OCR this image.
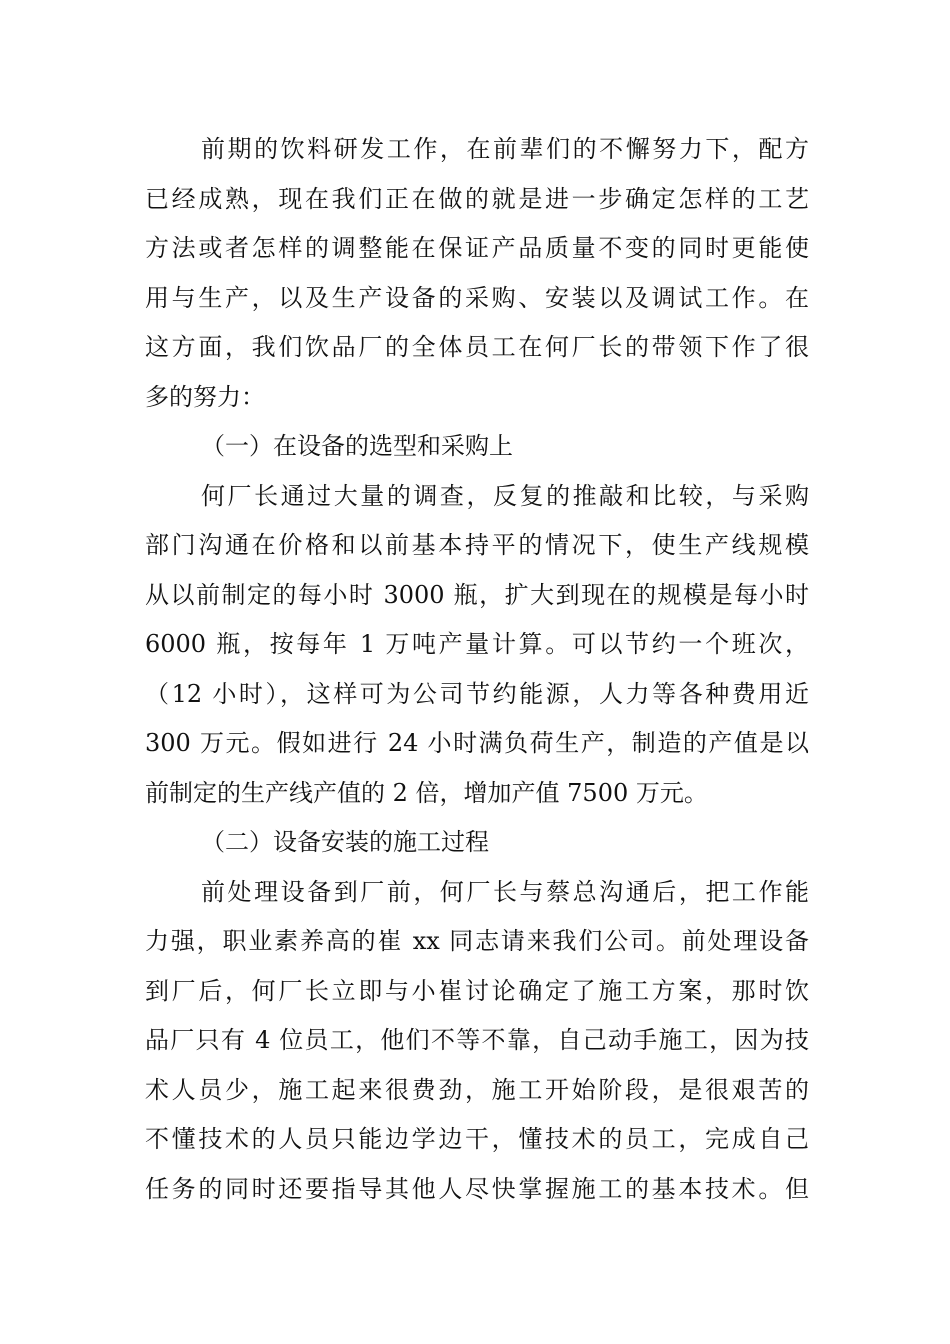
前期的饮料研发工作，在前辈们的不懈努力下，配方
已经成熟，现在我们正在做的就是进一步确定怎样的工艺
方法或者怎样的调整能在保证产品质量不变的同时更能使
用与生产，以及生产设备的采购、安装以及调试工作。在
这方面，我们饮品厂的全体员工在何厂长的带领下作了很
多的努力：
（一）在设备的选型和采购上
何厂长通过大量的调查，反复的推敲和比较，与采购
部门沟通在价格和以前基本持平的情况下，使生产线规模
从以前制定的每小时 3000 瓶，扩大到现在的规模是每小时
6000 瓶，按每年 1 万吨产量计算。可以节约一个班次，
（12 小时），这样可为公司节约能源，人力等各种费用近
300 万元。假如进行 24 小时满负荷生产，制造的产值是以
前制定的生产线产值的 2 倍，增加产值 7500 万元。
（二）设备安装的施工过程
前处理设备到厂前，何厂长与蔡总沟通后，把工作能
力强，职业素养高的崔 xx 同志请来我们公司。前处理设备
到厂后，何厂长立即与小崔讨论确定了施工方案，那时饮
品厂只有 4 位员工，他们不等不靠，自己动手施工，因为技
术人员少，施工起来很费劲，施工开始阶段，是很艰苦的
不懂技术的人员只能边学边干，懂技术的员工，完成自己
任务的同时还要指导其他人尽快掌握施工的基本技术。但
